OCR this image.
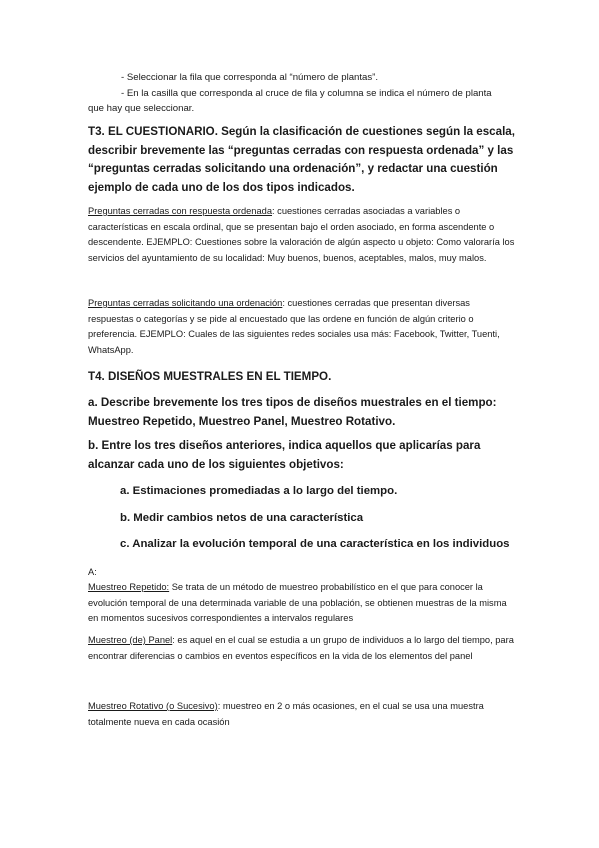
- Seleccionar la fila que corresponda al “número de plantas”.
- En la casilla que corresponda al cruce de fila y columna se indica el número de planta
que hay que seleccionar.

T3. EL CUESTIONARIO. Según la clasificación de cuestiones según la escala, describir brevemente las “preguntas cerradas con respuesta ordenada” y las “preguntas cerradas solicitando una ordenación”, y redactar una cuestión ejemplo de cada uno de los dos tipos indicados.

Preguntas cerradas con respuesta ordenada: cuestiones cerradas asociadas a variables o características en escala ordinal, que se presentan bajo el orden asociado, en forma ascendente o descendente. EJEMPLO: Cuestiones sobre la valoración de algún aspecto u objeto: Como valoraría los servicios del ayuntamiento de su localidad: Muy buenos, buenos, aceptables, malos, muy malos.

Preguntas cerradas solicitando una ordenación: cuestiones cerradas que presentan diversas respuestas o categorías y se pide al encuestado que las ordene en función de algún criterio o preferencia. EJEMPLO: Cuales de las siguientes redes sociales usa más: Facebook, Twitter, Tuenti, WhatsApp.

T4. DISEÑOS MUESTRALES EN EL TIEMPO.

a. Describe brevemente los tres tipos de diseños muestrales en el tiempo: Muestreo Repetido, Muestreo Panel, Muestreo Rotativo.

b. Entre los tres diseños anteriores, indica aquellos que aplicarías para alcanzar cada uno de los siguientes objetivos:

a. Estimaciones promediadas a lo largo del tiempo.

b. Medir cambios netos de una característica

c. Analizar la evolución temporal de una característica en los individuos

A:

Muestreo Repetido: Se trata de un método de muestreo probabilístico en el que para conocer la evolución temporal de una determinada variable de una población, se obtienen muestras de la misma en momentos sucesivos correspondientes a intervalos regulares

Muestreo (de) Panel: es aquel en el cual se estudia a un grupo de individuos a lo largo del tiempo, para encontrar diferencias o cambios en eventos específicos en la vida de los elementos del panel

Muestreo Rotativo (o Sucesivo): muestreo en 2 o más ocasiones, en el cual se usa una muestra totalmente nueva en cada ocasión
